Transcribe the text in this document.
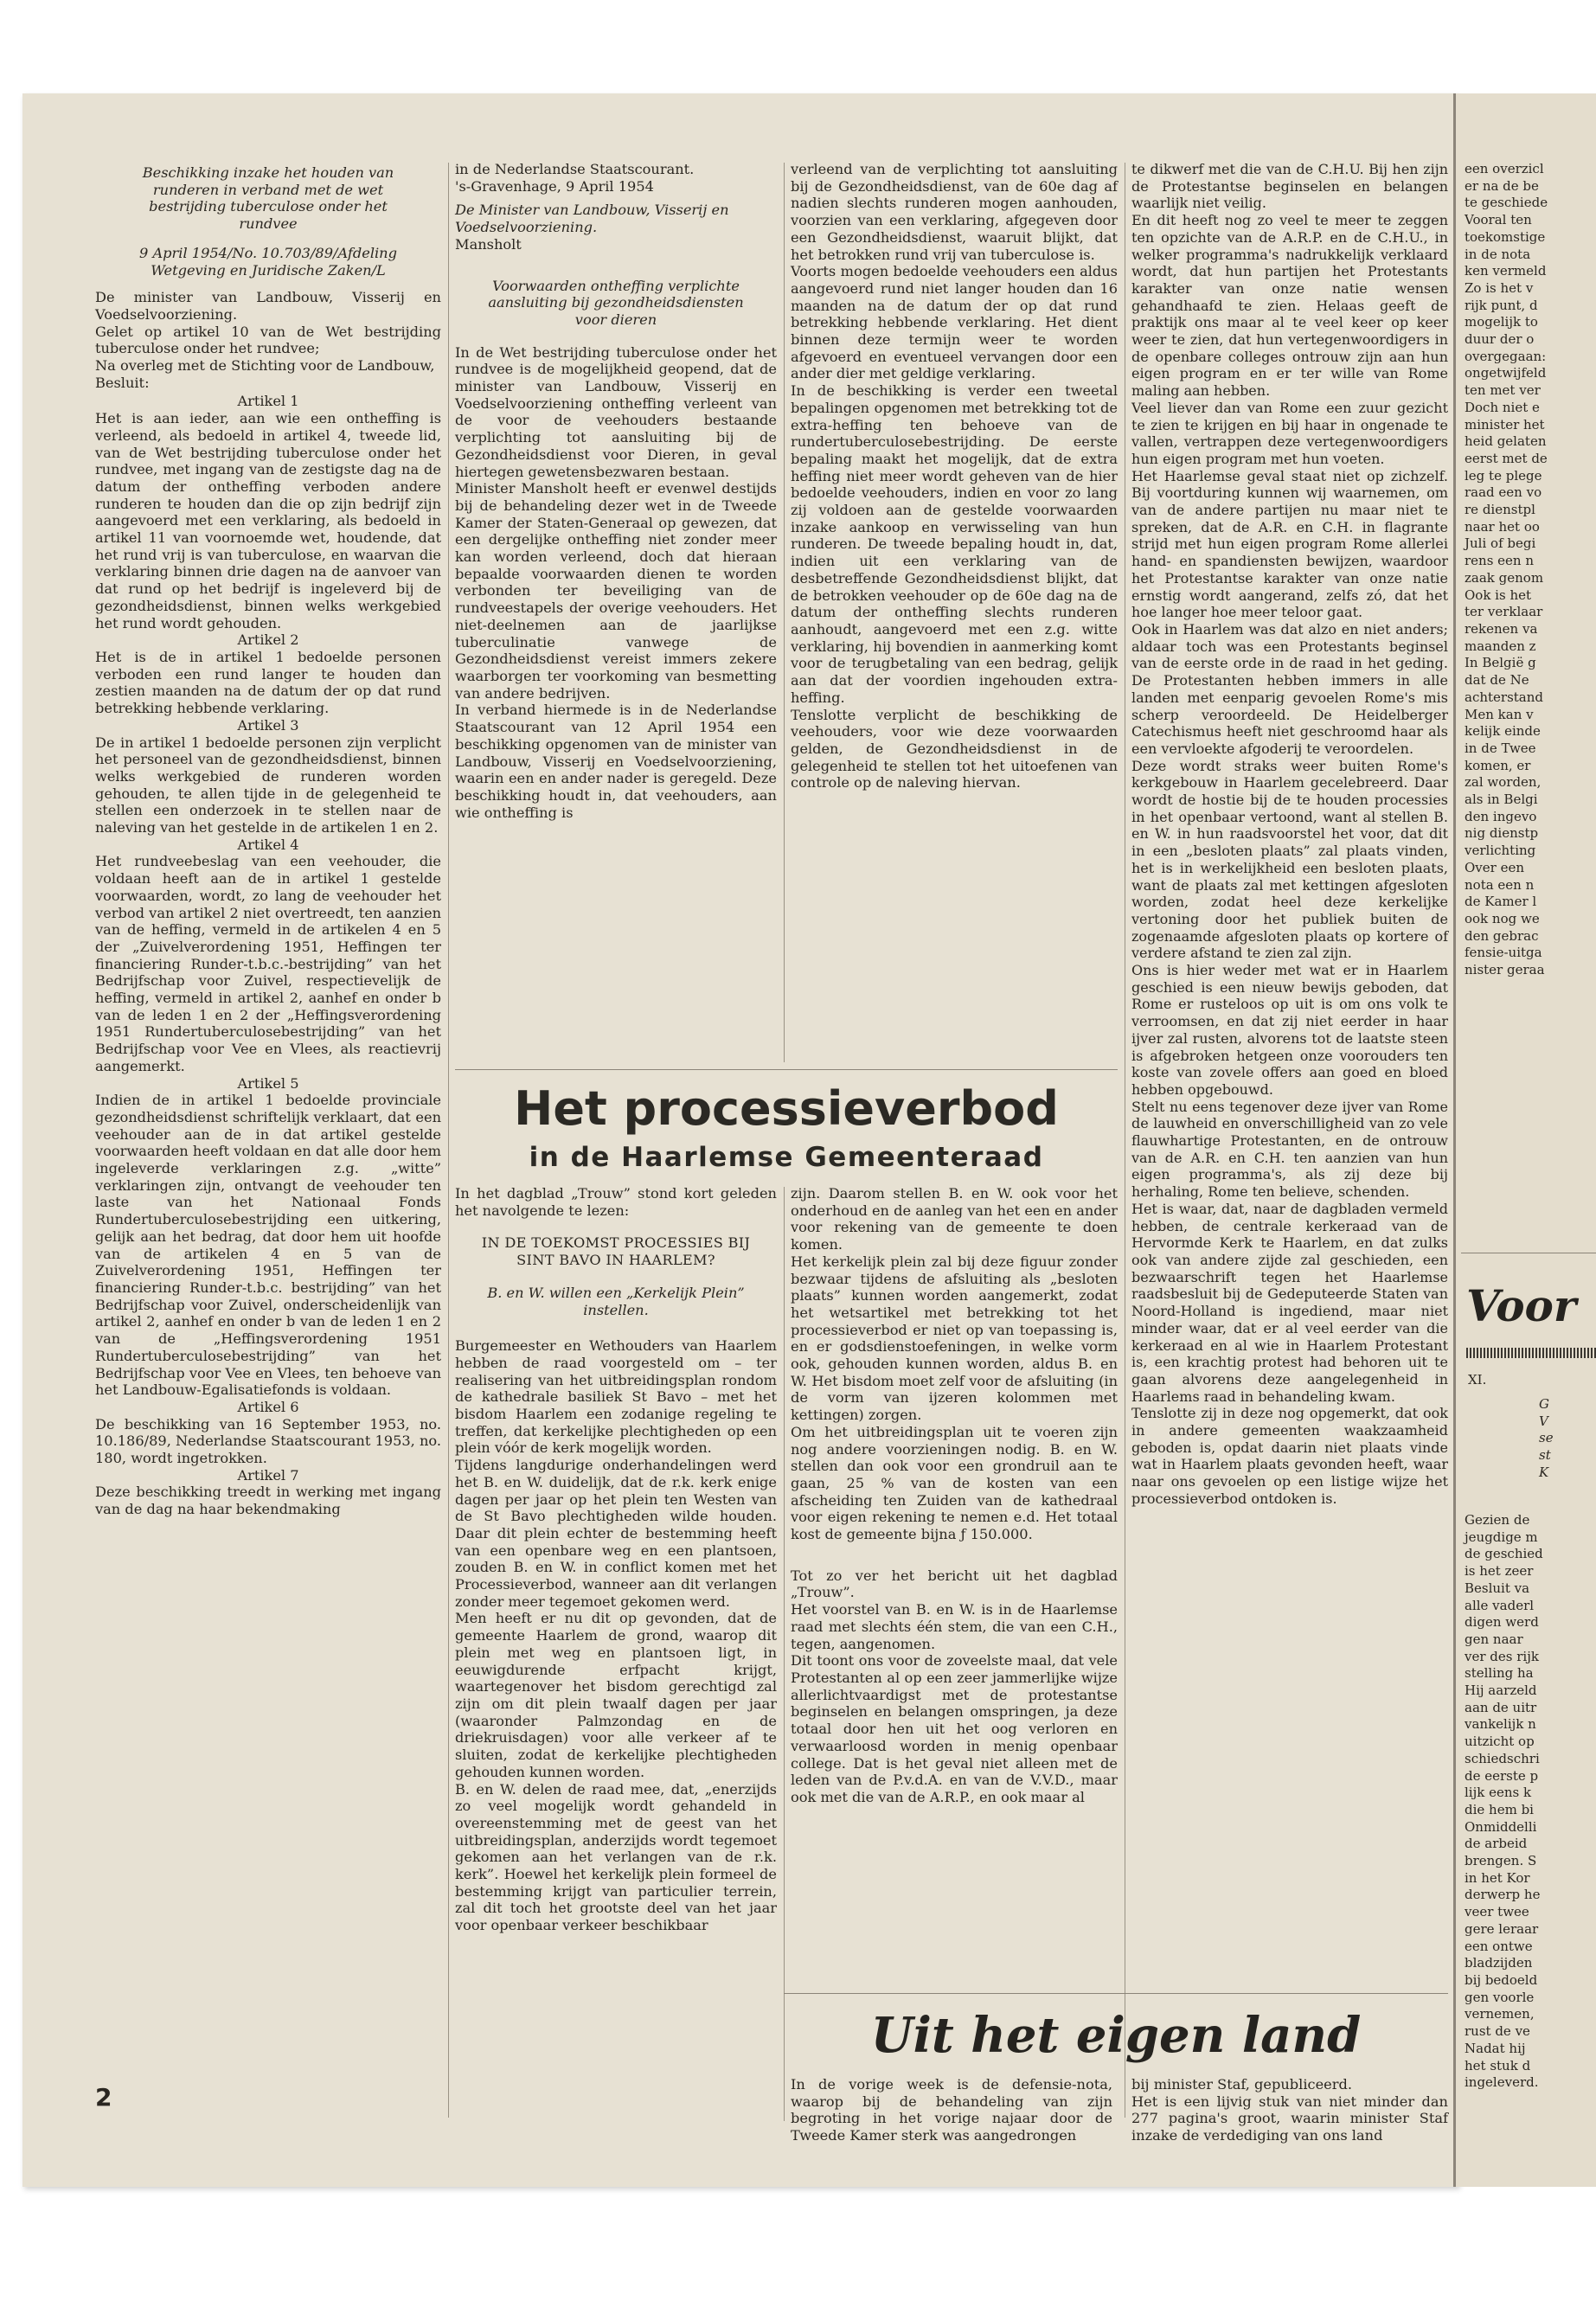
Beschikking inzake het houden van runderen in verband met de wet bestrijding tuberculose onder het rundvee

9 April 1954/No. 10.703/89/Afdeling Wetgeving en Juridische Zaken/L

De minister van Landbouw, Visserij en Voedselvoorziening.
Gelet op artikel 10 van de Wet bestrijding tuberculose onder het rundvee;
Na overleg met de Stichting voor de Landbouw,
Besluit:

Artikel 1

Het is aan ieder, aan wie een ontheffing is verleend, als bedoeld in artikel 4, tweede lid, van de Wet bestrijding tuberculose onder het rundvee, met ingang van de zestigste dag na de datum der ontheffing verboden andere runderen te houden dan die op zijn bedrijf zijn aangevoerd met een verklaring, als bedoeld in artikel 11 van voornoemde wet, houdende, dat het rund vrij is van tuberculose, en waarvan die verklaring binnen drie dagen na de aanvoer van dat rund op het bedrijf is ingeleverd bij de gezondheidsdienst, binnen welks werkgebied het rund wordt gehouden.

Artikel 2

Het is de in artikel 1 bedoelde personen verboden een rund langer te houden dan zestien maanden na de datum der op dat rund betrekking hebbende verklaring.

Artikel 3

De in artikel 1 bedoelde personen zijn verplicht het personeel van de gezondheidsdienst, binnen welks werkgebied de runderen worden gehouden, te allen tijde in de gelegenheid te stellen een onderzoek in te stellen naar de naleving van het gestelde in de artikelen 1 en 2.

Artikel 4

Het rundveebeslag van een veehouder, die voldaan heeft aan de in artikel 1 gestelde voorwaarden, wordt, zo lang de veehouder het verbod van artikel 2 niet overtreedt, ten aanzien van de heffing, vermeld in de artikelen 4 en 5 der „Zuivelverordening 1951, Heffingen ter financiering Runder-t.b.c.-bestrijding” van het Bedrijfschap voor Zuivel, respectievelijk de heffing, vermeld in artikel 2, aanhef en onder b van de leden 1 en 2 der „Heffingsverordening 1951 Rundertuberculosebestrijding” van het Bedrijfschap voor Vee en Vlees, als reactievrij aangemerkt.

Artikel 5

Indien de in artikel 1 bedoelde provinciale gezondheidsdienst schriftelijk verklaart, dat een veehouder aan de in dat artikel gestelde voorwaarden heeft voldaan en dat alle door hem ingeleverde verklaringen z.g. „witte” verklaringen zijn, ontvangt de veehouder ten laste van het Nationaal Fonds Rundertuberculosebestrijding een uitkering, gelijk aan het bedrag, dat door hem uit hoofde van de artikelen 4 en 5 van de Zuivelverordening 1951, Heffingen ter financiering Runder-t.b.c. bestrijding” van het Bedrijfschap voor Zuivel, onderscheidenlijk van artikel 2, aanhef en onder b van de leden 1 en 2 van de „Heffingsverordening 1951 Rundertuberculosebestrijding” van het Bedrijfschap voor Vee en Vlees, ten behoeve van het Landbouw-Egalisatiefonds is voldaan.

Artikel 6

De beschikking van 16 September 1953, no. 10.186/89, Nederlandse Staatscourant 1953, no. 180, wordt ingetrokken.

Artikel 7

Deze beschikking treedt in werking met ingang van de dag na haar bekendmaking

in de Nederlandse Staatscourant.
's-Gravenhage, 9 April 1954

De Minister van Landbouw, Visserij en Voedselvoorziening.

Mansholt

Voorwaarden ontheffing verplichte aansluiting bij gezondheidsdiensten voor dieren

In de Wet bestrijding tuberculose onder het rundvee is de mogelijkheid geopend, dat de minister van Landbouw, Visserij en Voedselvoorziening ontheffing verleent van de voor de veehouders bestaande verplichting tot aansluiting bij de Gezondheidsdienst voor Dieren, in geval hiertegen gewetensbezwaren bestaan.
Minister Mansholt heeft er evenwel destijds bij de behandeling dezer wet in de Tweede Kamer der Staten-Generaal op gewezen, dat een dergelijke ontheffing niet zonder meer kan worden verleend, doch dat hieraan bepaalde voorwaarden dienen te worden verbonden ter beveiliging van de rundveestapels der overige veehouders. Het niet-deelnemen aan de jaarlijkse tuberculinatie vanwege de Gezondheidsdienst vereist immers zekere waarborgen ter voorkoming van besmetting van andere bedrijven.
In verband hiermede is in de Nederlandse Staatscourant van 12 April 1954 een beschikking opgenomen van de minister van Landbouw, Visserij en Voedselvoorziening, waarin een en ander nader is geregeld. Deze beschikking houdt in, dat veehouders, aan wie ontheffing is

verleend van de verplichting tot aansluiting bij de Gezondheidsdienst, van de 60e dag af nadien slechts runderen mogen aanhouden, voorzien van een verklaring, afgegeven door een Gezondheidsdienst, waaruit blijkt, dat het betrokken rund vrij van tuberculose is.
Voorts mogen bedoelde veehouders een aldus aangevoerd rund niet langer houden dan 16 maanden na de datum der op dat rund betrekking hebbende verklaring. Het dient binnen deze termijn weer te worden afgevoerd en eventueel vervangen door een ander dier met geldige verklaring.
In de beschikking is verder een tweetal bepalingen opgenomen met betrekking tot de extra-heffing ten behoeve van de rundertuberculosebestrijding. De eerste bepaling maakt het mogelijk, dat de extra heffing niet meer wordt geheven van de hier bedoelde veehouders, indien en voor zo lang zij voldoen aan de gestelde voorwaarden inzake aankoop en verwisseling van hun runderen. De tweede bepaling houdt in, dat, indien uit een verklaring van de desbetreffende Gezondheidsdienst blijkt, dat de betrokken veehouder op de 60e dag na de datum der ontheffing slechts runderen aanhoudt, aangevoerd met een z.g. witte verklaring, hij bovendien in aanmerking komt voor de terugbetaling van een bedrag, gelijk aan dat der voordien ingehouden extra-heffing.
Tenslotte verplicht de beschikking de veehouders, voor wie deze voorwaarden gelden, de Gezondheidsdienst in de gelegenheid te stellen tot het uitoefenen van controle op de naleving hiervan.

te dikwerf met die van de C.H.U. Bij hen zijn de Protestantse beginselen en belangen waarlijk niet veilig.
En dit heeft nog zo veel te meer te zeggen ten opzichte van de A.R.P. en de C.H.U., in welker programma's nadrukkelijk verklaard wordt, dat hun partijen het Protestants karakter van onze natie wensen gehandhaafd te zien. Helaas geeft de praktijk ons maar al te veel keer op keer weer te zien, dat hun vertegenwoordigers in de openbare colleges ontrouw zijn aan hun eigen program en er ter wille van Rome maling aan hebben.
Veel liever dan van Rome een zuur gezicht te zien te krijgen en bij haar in ongenade te vallen, vertrappen deze vertegenwoordigers hun eigen program met hun voeten.
Het Haarlemse geval staat niet op zichzelf. Bij voortduring kunnen wij waarnemen, om van de andere partijen nu maar niet te spreken, dat de A.R. en C.H. in flagrante strijd met hun eigen program Rome allerlei hand- en spandiensten bewijzen, waardoor het Protestantse karakter van onze natie ernstig wordt aangerand, zelfs zó, dat het hoe langer hoe meer teloor gaat.
Ook in Haarlem was dat alzo en niet anders; aldaar toch was een Protestants beginsel van de eerste orde in de raad in het geding. De Protestanten hebben immers in alle landen met eenparig gevoelen Rome's mis scherp veroordeeld. De Heidelberger Catechismus heeft niet geschroomd haar als een vervloekte afgoderij te veroordelen.
Deze wordt straks weer buiten Rome's kerkgebouw in Haarlem gecelebreerd. Daar wordt de hostie bij de te houden processies in het openbaar vertoond, want al stellen B. en W. in hun raadsvoorstel het voor, dat dit in een „besloten plaats” zal plaats vinden, het is in werkelijkheid een besloten plaats, want de plaats zal met kettingen afgesloten worden, zodat heel deze kerkelijke vertoning door het publiek buiten de zogenaamde afgesloten plaats op kortere of verdere afstand te zien zal zijn.
Ons is hier weder met wat er in Haarlem geschied is een nieuw bewijs geboden, dat Rome er rusteloos op uit is om ons volk te verroomsen, en dat zij niet eerder in haar ijver zal rusten, alvorens tot de laatste steen is afgebroken hetgeen onze voorouders ten koste van zovele offers aan goed en bloed hebben opgebouwd.
Stelt nu eens tegenover deze ijver van Rome de lauwheid en onverschilligheid van zo vele flauwhartige Protestanten, en de ontrouw van de A.R. en C.H. ten aanzien van hun eigen programma's, als zij deze bij herhaling, Rome ten believe, schenden.
Het is waar, dat, naar de dagbladen vermeld hebben, de centrale kerkeraad van de Hervormde Kerk te Haarlem, en dat zulks ook van andere zijde zal geschieden, een bezwaarschrift tegen het Haarlemse raadsbesluit bij de Gedeputeerde Staten van Noord-Holland is ingediend, maar niet minder waar, dat er al veel eerder van die kerkeraad en al wie in Haarlem Protestant is, een krachtig protest had behoren uit te gaan alvorens deze aangelegenheid in Haarlems raad in behandeling kwam.
Tenslotte zij in deze nog opgemerkt, dat ook in andere gemeenten waakzaamheid geboden is, opdat daarin niet plaats vinde wat in Haarlem plaats gevonden heeft, waar naar ons gevoelen op een listige wijze het processieverbod ontdoken is.

Het processieverbod
in de Haarlemse Gemeenteraad

In het dagblad „Trouw” stond kort geleden het navolgende te lezen:

IN DE TOEKOMST PROCESSIES BIJ SINT BAVO IN HAARLEM?

B. en W. willen een „Kerkelijk Plein” instellen.

Burgemeester en Wethouders van Haarlem hebben de raad voorgesteld om – ter realisering van het uitbreidingsplan rondom de kathedrale basiliek St Bavo – met het bisdom Haarlem een zodanige regeling te treffen, dat kerkelijke plechtigheden op een plein vóór de kerk mogelijk worden.
Tijdens langdurige onderhandelingen werd het B. en W. duidelijk, dat de r.k. kerk enige dagen per jaar op het plein ten Westen van de St Bavo plechtigheden wilde houden. Daar dit plein echter de bestemming heeft van een openbare weg en een plantsoen, zouden B. en W. in conflict komen met het Processieverbod, wanneer aan dit verlangen zonder meer tegemoet gekomen werd.
Men heeft er nu dit op gevonden, dat de gemeente Haarlem de grond, waarop dit plein met weg en plantsoen ligt, in eeuwigdurende erfpacht krijgt, waartegenover het bisdom gerechtigd zal zijn om dit plein twaalf dagen per jaar (waaronder Palmzondag en de driekruisdagen) voor alle verkeer af te sluiten, zodat de kerkelijke plechtigheden gehouden kunnen worden.
B. en W. delen de raad mee, dat, „enerzijds zo veel mogelijk wordt gehandeld in overeenstemming met de geest van het uitbreidingsplan, anderzijds wordt tegemoet gekomen aan het verlangen van de r.k. kerk”. Hoewel het kerkelijk plein formeel de bestemming krijgt van particulier terrein, zal dit toch het grootste deel van het jaar voor openbaar verkeer beschikbaar

zijn. Daarom stellen B. en W. ook voor het onderhoud en de aanleg van het een en ander voor rekening van de gemeente te doen komen.
Het kerkelijk plein zal bij deze figuur zonder bezwaar tijdens de afsluiting als „besloten plaats” kunnen worden aangemerkt, zodat het wetsartikel met betrekking tot het processieverbod er niet op van toepassing is, en er godsdienstoefeningen, in welke vorm ook, gehouden kunnen worden, aldus B. en W. Het bisdom moet zelf voor de afsluiting (in de vorm van ijzeren kolommen met kettingen) zorgen.
Om het uitbreidingsplan uit te voeren zijn nog andere voorzieningen nodig. B. en W. stellen dan ook voor een grondruil aan te gaan, 25 % van de kosten van een afscheiding ten Zuiden van de kathedraal voor eigen rekening te nemen e.d. Het totaal kost de gemeente bijna ƒ 150.000.

Tot zo ver het bericht uit het dagblad „Trouw”.
Het voorstel van B. en W. is in de Haarlemse raad met slechts één stem, die van een C.H., tegen, aangenomen.
Dit toont ons voor de zoveelste maal, dat vele Protestanten al op een zeer jammerlijke wijze allerlichtvaardigst met de protestantse beginselen en belangen omspringen, ja deze totaal door hen uit het oog verloren en verwaarloosd worden in menig openbaar college. Dat is het geval niet alleen met de leden van de P.v.d.A. en van de V.V.D., maar ook met die van de A.R.P., en ook maar al

Uit het eigen land

In de vorige week is de defensie-nota, waarop bij de behandeling van zijn begroting in het vorige najaar door de Tweede Kamer sterk was aangedrongen

bij minister Staf, gepubliceerd.
Het is een lijvig stuk van niet minder dan 277 pagina's groot, waarin minister Staf inzake de verdediging van ons land

2
een overzicl
er na de be
te geschiede
Vooral ten
toekomstige
in de nota
ken vermeld
Zo is het v
rijk punt, d
mogelijk to
duur der o
overgegaan:
ongetwijfeld
ten met ver
Doch niet e
minister het
heid gelaten
eerst met de
leg te plege
raad een vo
re dienstpl
naar het oo
Juli of begi
rens een n
zaak genom
Ook is het
ter verklaar
rekenen va
maanden z
In België g
dat de Ne
achterstand
Men kan v
kelijk einde
in de Twee
komen, er
zal worden,
als in Belgi
den ingevo
nig dienstp
verlichting
Over een
nota een n
de Kamer l
ook nog we
den gebrac
fensie-uitga
nister geraa
Voor
XI.
G
V
se
st
K
Gezien de
jeugdige m
de geschied
is het zeer
Besluit va
alle vaderl
digen werd
gen naar
ver des rijk
stelling ha
Hij aarzeld
aan de uitr
vankelijk n
uitzicht op
schiedschri
de eerste p
lijk eens k
die hem bi
Onmiddelli
de arbeid
brengen. S
in het Kor
derwerp he
veer twee
gere leraar
een ontwe
bladzijden
bij bedoeld
gen voorle
vernemen,
rust de ve
Nadat hij
het stuk d
ingeleverd.
